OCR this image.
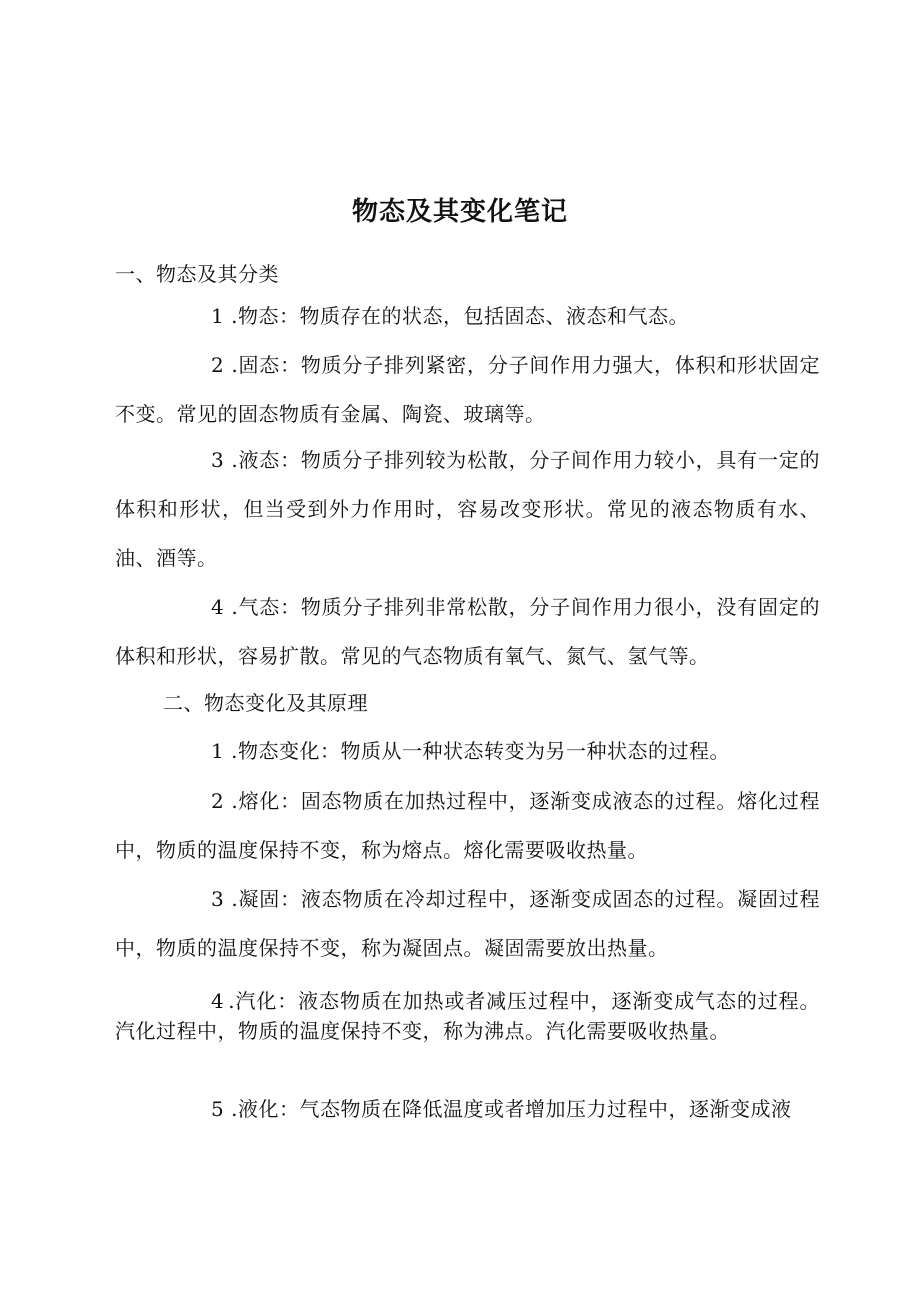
物态及其变化笔记
一、物态及其分类
1 .物态：物质存在的状态，包括固态、液态和气态。
2 .固态：物质分子排列紧密，分子间作用力强大，体积和形状固定不变。常见的固态物质有金属、陶瓷、玻璃等。
3 .液态：物质分子排列较为松散，分子间作用力较小，具有一定的体积和形状，但当受到外力作用时，容易改变形状。常见的液态物质有水、油、酒等。
4 .气态：物质分子排列非常松散，分子间作用力很小，没有固定的体积和形状，容易扩散。常见的气态物质有氧气、氮气、氢气等。
二、物态变化及其原理
1 .物态变化：物质从一种状态转变为另一种状态的过程。
2 .熔化：固态物质在加热过程中，逐渐变成液态的过程。熔化过程中，物质的温度保持不变，称为熔点。熔化需要吸收热量。
3 .凝固：液态物质在冷却过程中，逐渐变成固态的过程。凝固过程中，物质的温度保持不变，称为凝固点。凝固需要放出热量。
4 .汽化：液态物质在加热或者减压过程中，逐渐变成气态的过程。汽化过程中，物质的温度保持不变，称为沸点。汽化需要吸收热量。
5 .液化：气态物质在降低温度或者增加压力过程中，逐渐变成液
